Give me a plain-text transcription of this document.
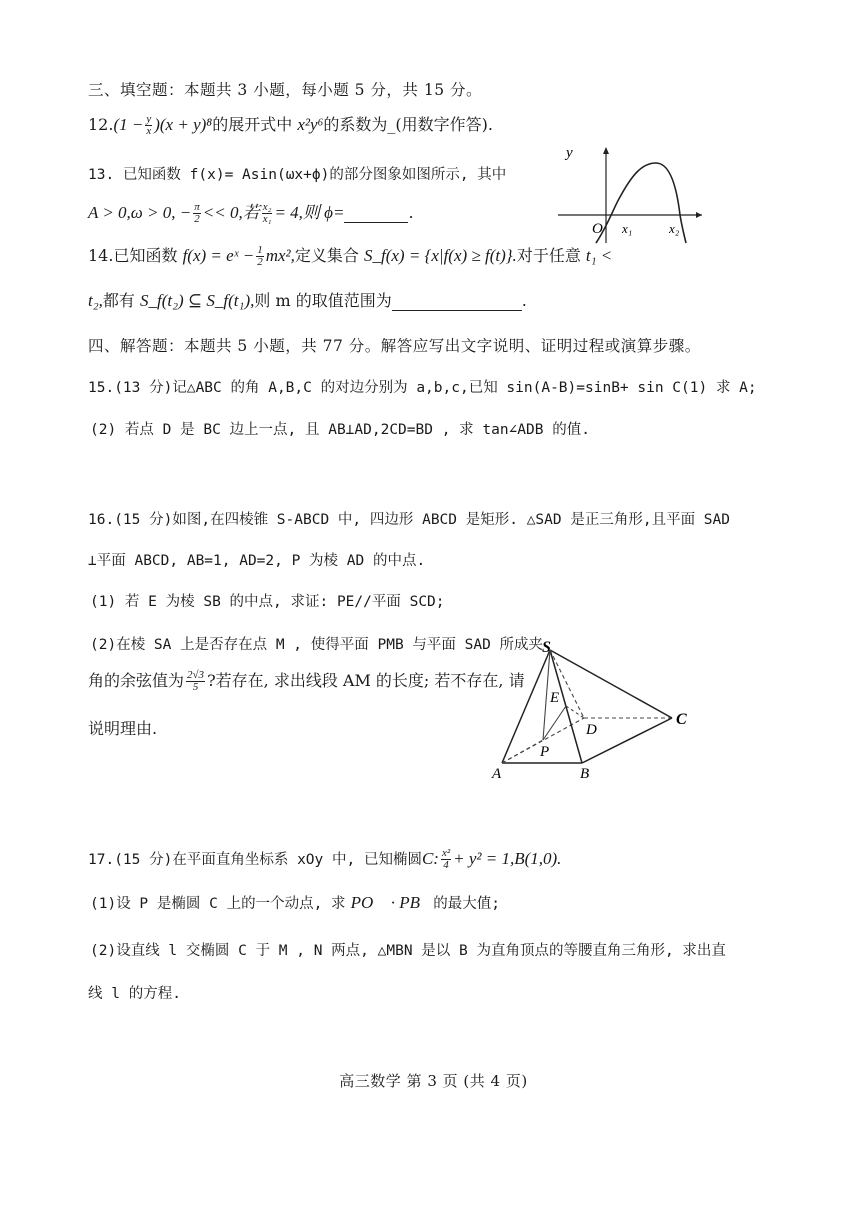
三、填空题：本题共 3 小题，每小题 5 分，共 15 分。
$12.(1 - \frac{y}{x} )(x + y)^8$的展开式中 x²y⁶的系数为_(用数字作答).
13. 已知函数 f(x)= Asin(ωx+ϕ)的部分图象如图所示, 其中
A > 0,ω > 0, − $\frac{\pi}{2} << 0$,若 $\frac{\text{x₂}}{\text{x₁}} = 4$,则 ϕ=	.
y
O x₁	x₂
14.已知函数 f(x) = eˣ − $\frac{1}{2} mx^2$,定义集合 S_f(x) = {x|f(x) ≥ f(t)}.对于任意 t₁ <
t₂,都有 S_f(t₂) ⊆ S_f(t₁),则 m 的取值范围为	.
四、解答题：本题共 5 小题，共 77 分。解答应写出文字说明、证明过程或演算步骤。
15.(13 分)记△ABC 的角 A,B,C 的对边分别为 a,b,c,已知 sin(A-B)=sinB+ sin C(1) 求 A;
(2) 若点 D 是 BC 边上一点, 且 AB⊥AD,2CD=BD , 求 tan∠ADB 的值.
16.(15 分)如图,在四棱锥 S-ABCD 中, 四边形 ABCD 是矩形. △SAD 是正三角形,且平面 SAD
⊥平面 ABCD, AB=1, AD=2, P 为棱 AD 的中点.
(1) 若 E 为棱 SB 的中点, 求证: PE//平面 SCD;
(2)在棱 SA 上是否存在点 M , 使得平面 PMB 与平面 SAD 所成夹
角的余弦值为 $\frac{2√3}{5}$ ?若存在, 求出线段 AM 的长度; 若不存在, 请
说明理由.
S
E
D
C
P
A	B
17.(15 分)在平面直角坐标系 xOy 中, 已知椭圆C: $\frac{\text{x²}}{4} + y^2 = 1,B(1,0)$.
(1)设 P 是椭圆 C 上的一个动点, 求 PO⃗ · PB⃗的最大值;
(2)设直线 l 交椭圆 C 于 M , N 两点, △MBN 是以 B 为直角顶点的等腰直角三角形, 求出直
线 l 的方程.
高三数学 第 3 页 (共 4 页)
